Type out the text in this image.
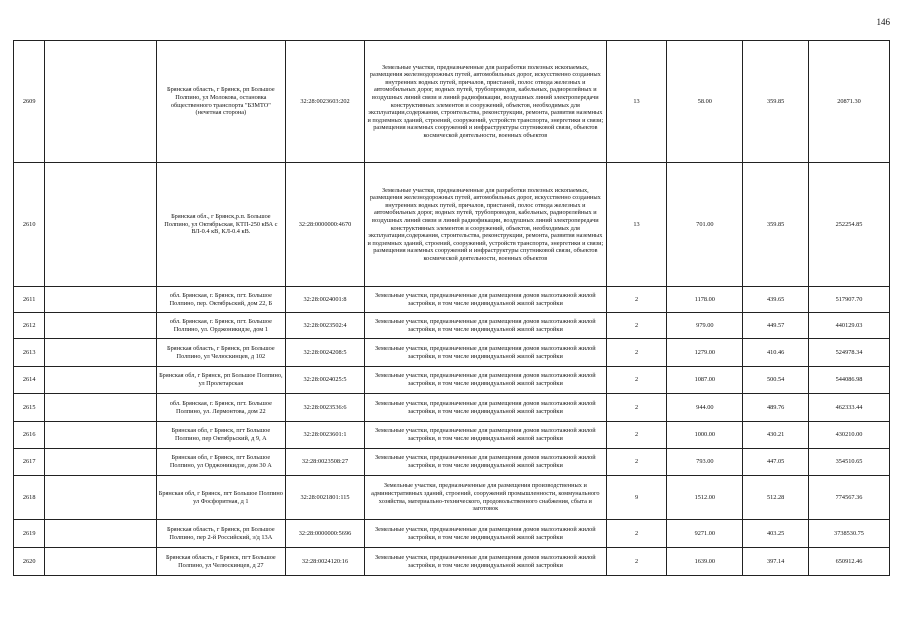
146
2609		Брянская область, г Брянск, рп Большое Полпино, ул Молокова, остановка общественного транспорта "БЗМТО" (нечетная сторона)	32:28:0023603:202	Земельные участки, предназначенные для разработки полезных ископаемых, размещения железнодорожных путей, автомобильных дорог, искусственно созданных внутренних водных путей, причалов, пристаней, полос отвода железных и автомобильных дорог, водных путей, трубопроводов, кабельных, радиорелейных и воздушных линий связи и линий радиофикации, воздушных линий электропередачи конструктивных элементов и сооружений, объектов, необходимых для эксплуатации,содержания, строительства, реконструкции, ремонта, развития наземных и подземных зданий, строений, сооружений, устройств транспорта, энергетики и связи; размещения наземных сооружений и инфраструктуры спутниковой связи, объектов космической деятельности, военных объектов	13	58.00	359.85	20871.30
2610		Брянская обл., г Брянск,р.п. Большое Полпино, ул Октябрьская, КТП-250 кВА с ВЛ-0.4 кВ, КЛ-0.4 кВ.	32:28:0000000:4670	Земельные участки, предназначенные для разработки полезных ископаемых, размещения железнодорожных путей, автомобильных дорог, искусственно созданных внутренних водных путей, причалов, пристаней, полос отвода железных и автомобильных дорог, водных путей, трубопроводов, кабельных, радиорелейных и воздушных линий связи и линий радиофикации, воздушных линий электропередачи конструктивных элементов и сооружений, объектов, необходимых для эксплуатации,содержания, строительства, реконструкции, ремонта, развития наземных и подземных зданий, строений, сооружений, устройств транспорта, энергетики и связи; размещения наземных сооружений и инфраструктуры спутниковой связи, объектов космической деятельности, военных объектов	13	701.00	359.85	252254.85
2611		обл. Брянская, г. Брянск, пгт. Большое Полпино, пер. Октябрьский, дом 22, Б	32:28:0024001:8	Земельные участки, предназначенные для размещения домов малоэтажной жилой застройки, в том числе индивидуальной жилой застройки	2	1178.00	439.65	517907.70
2612		обл. Брянская, г. Брянск, пгт. Большое Полпино, ул. Орджоникидзе, дом 1	32:28:0023502:4	Земельные участки, предназначенные для размещения домов малоэтажной жилой застройки, в том числе индивидуальной жилой застройки	2	979.00	449.57	440129.03
2613		Брянская область, г Брянск, рп Большое Полпино, ул Челюскинцев, д 102	32:28:0024208:5	Земельные участки, предназначенные для размещения домов малоэтажной жилой застройки, в том числе индивидуальной жилой застройки	2	1279.00	410.46	524978.34
2614		Брянская обл, г Брянск, рп Большое Полпино, ул Пролетарская	32:28:0024025:5	Земельные участки, предназначенные для размещения домов малоэтажной жилой застройки, в том числе индивидуальной жилой застройки	2	1087.00	500.54	544086.98
2615		обл. Брянская, г. Брянск, пгт. Большое Полпино, ул. Лермонтова, дом 22	32:28:0023536:6	Земельные участки, предназначенные для размещения домов малоэтажной жилой застройки, в том числе индивидуальной жилой застройки	2	944.00	489.76	462333.44
2616		Брянская обл, г Брянск, пгт Большое Полпино, пер Октябрьский, д 9, А	32:28:0023601:1	Земельные участки, предназначенные для размещения домов малоэтажной жилой застройки, в том числе индивидуальной жилой застройки	2	1000.00	430.21	430210.00
2617		Брянская обл, г Брянск, пгт Большое Полпино, ул Орджоникидзе, дом 30 А	32:28:0023508:27	Земельные участки, предназначенные для размещения домов малоэтажной жилой застройки, в том числе индивидуальной жилой застройки	2	793.00	447.05	354510.65
2618		Брянская обл, г Брянск, пгт Большое Полпино ул Фосфоритная, д 1	32:28:0021801:115	Земельные участки, предназначенные для размещения производственных и административных зданий, строений, сооружений промышленности, коммунального хозяйства, материально-технического, продовольственного снабжения, сбыта и заготовок	9	1512.00	512.28	774567.36
2619		Брянская область, г Брянск, рп Большое Полпино, пер 2-й Российский, з/д 13А	32:28:0000000:5696	Земельные участки, предназначенные для размещения домов малоэтажной жилой застройки, в том числе индивидуальной жилой застройки	2	9271.00	403.25	3738530.75
2620		Брянская область, г Брянск, пгт Большое Полпино, ул Челюскинцев, д 27	32:28:0024120:16	Земельные участки, предназначенные для размещения домов малоэтажной жилой застройки, в том числе индивидуальной жилой застройки	2	1639.00	397.14	650912.46
